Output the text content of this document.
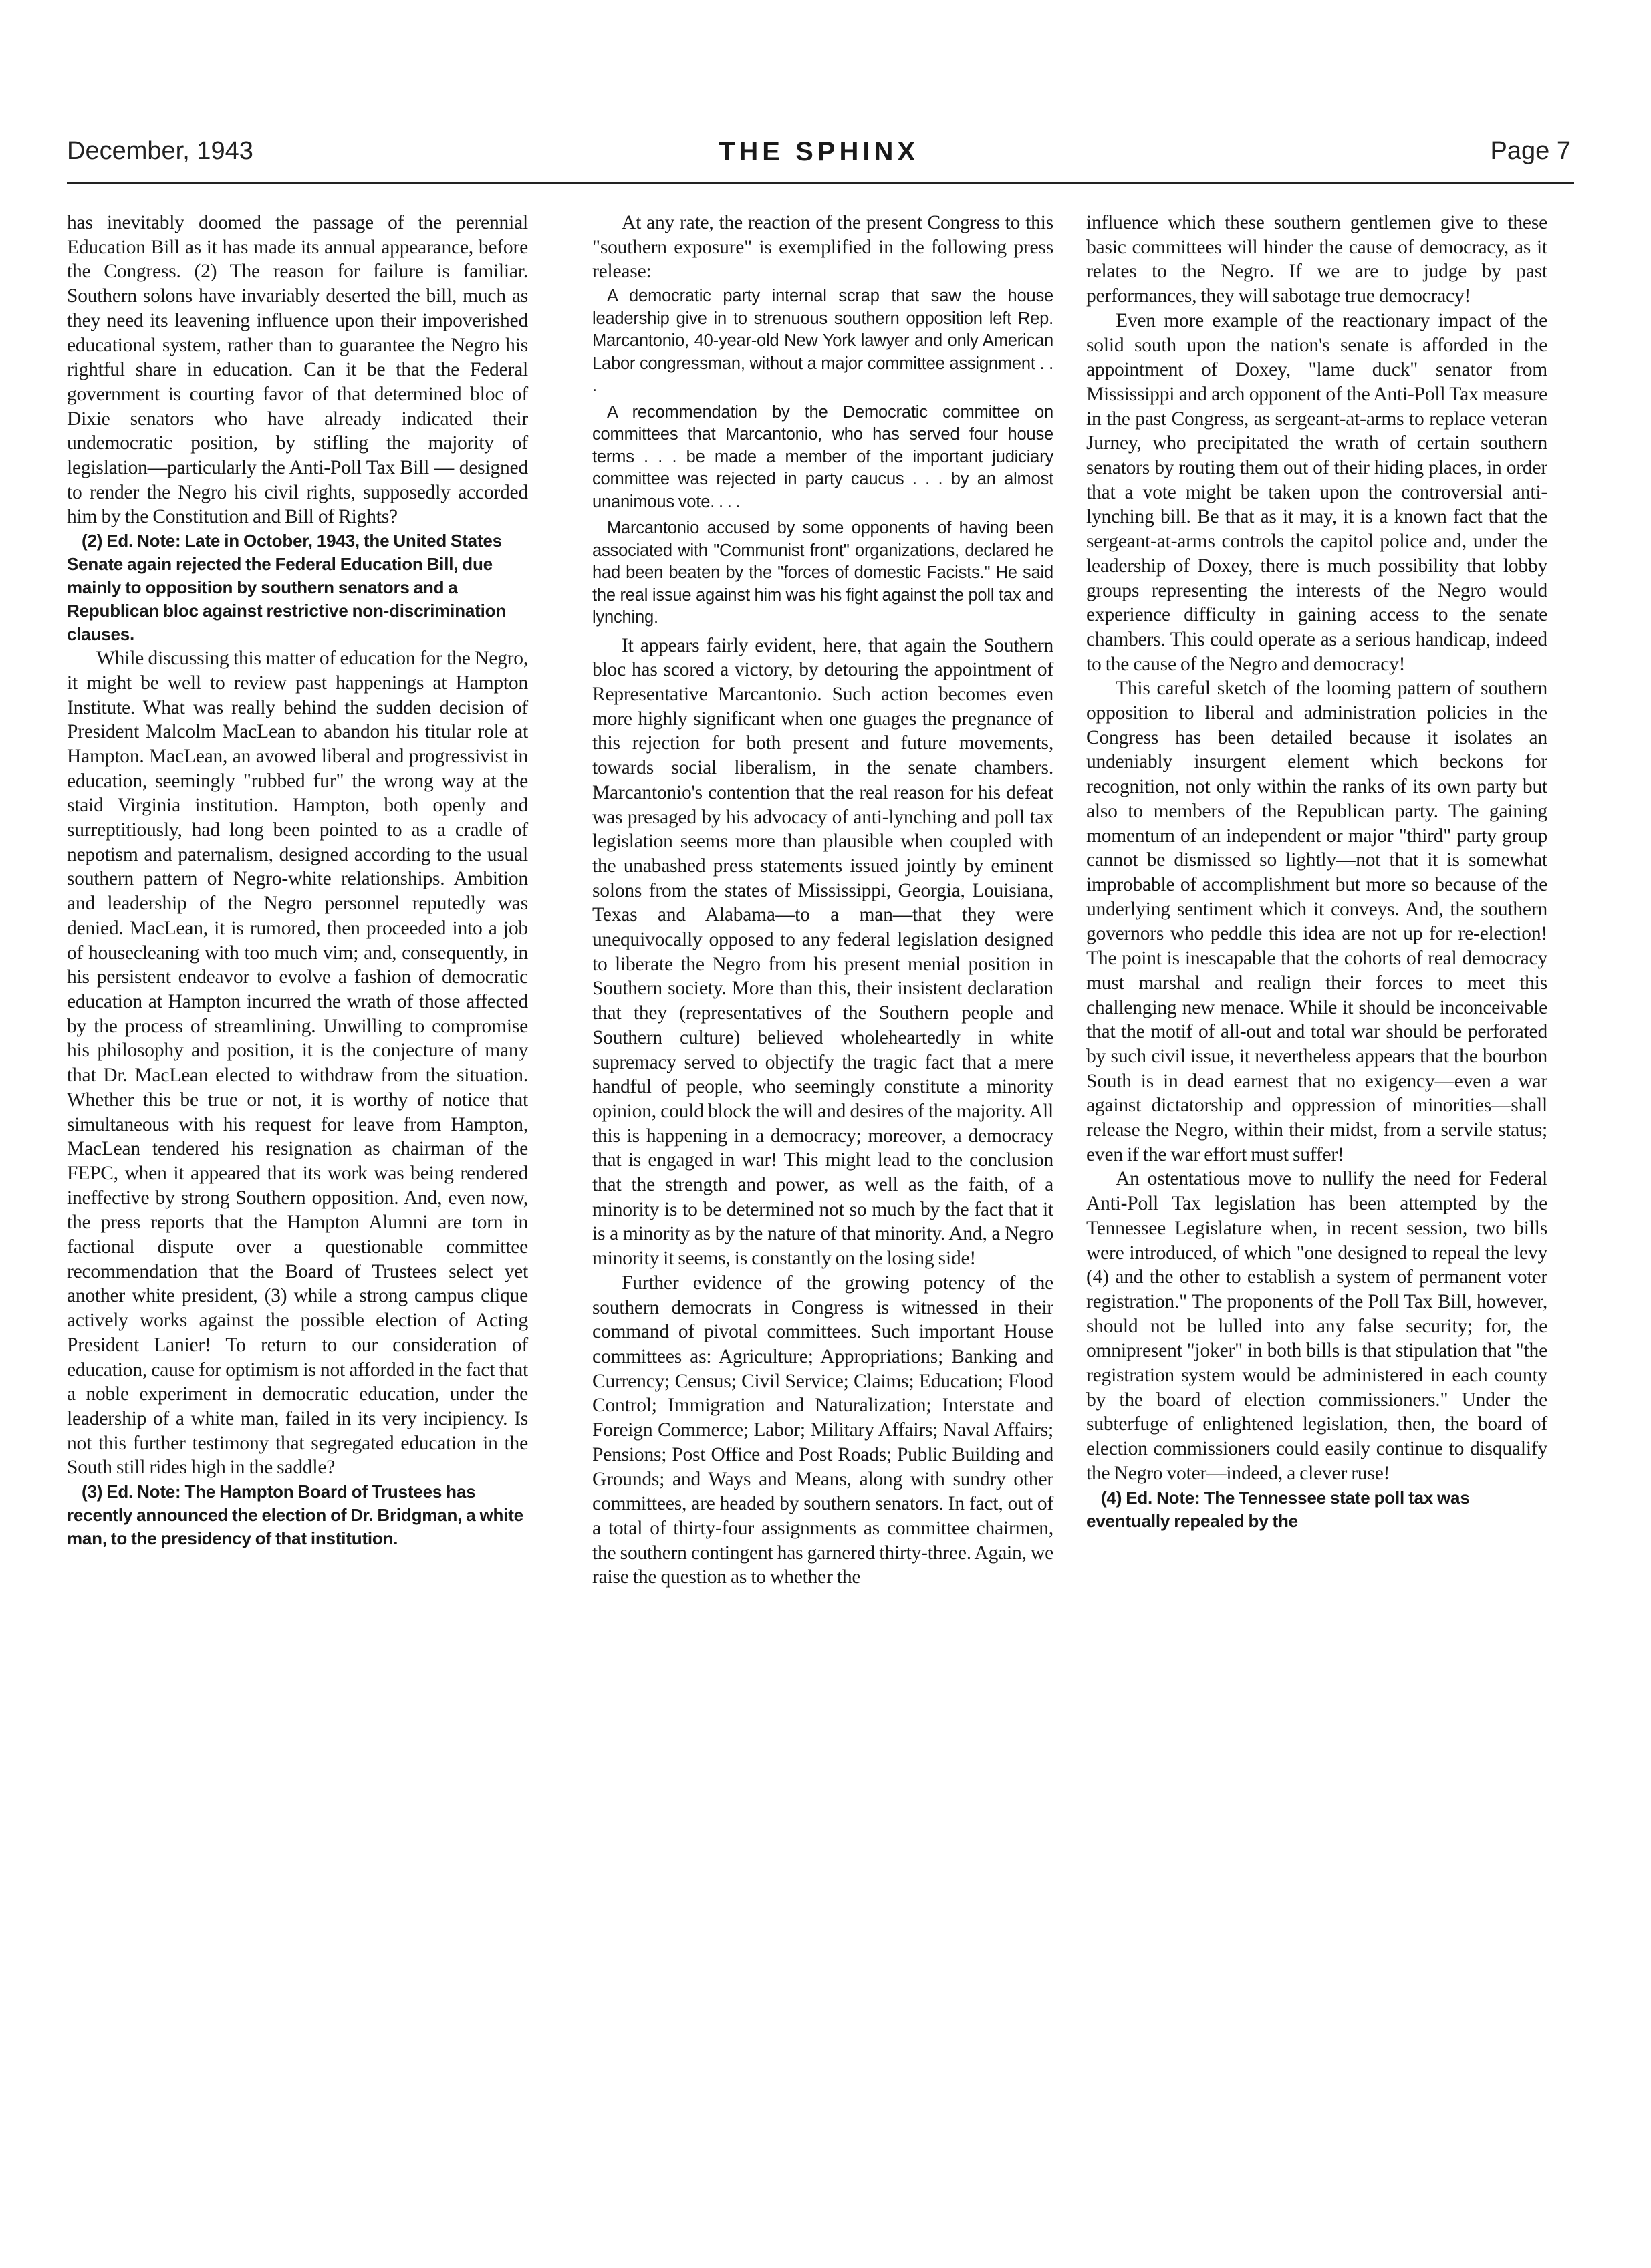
December, 1943	THE SPHINX	Page 7

has inevitably doomed the passage of the perennial Education Bill as it has made its annual appearance, before the Congress. (2) The reason for failure is familiar. Southern solons have invariably deserted the bill, much as they need its leavening influence upon their impoverished educational system, rather than to guarantee the Negro his rightful share in education. Can it be that the Federal government is courting favor of that determined bloc of Dixie senators who have already indicated their undemocratic position, by stifling the majority of legislation—particularly the Anti-Poll Tax Bill — designed to render the Negro his civil rights, supposedly accorded him by the Constitution and Bill of Rights?

(2) Ed. Note: Late in October, 1943, the United States Senate again rejected the Federal Education Bill, due mainly to opposition by southern senators and a Republican bloc against restrictive non-discrimination clauses.

While discussing this matter of education for the Negro, it might be well to review past happenings at Hampton Institute. What was really behind the sudden decision of President Malcolm MacLean to abandon his titular role at Hampton. MacLean, an avowed liberal and progressivist in education, seemingly "rubbed fur" the wrong way at the staid Virginia institution. Hampton, both openly and surreptitiously, had long been pointed to as a cradle of nepotism and paternalism, designed according to the usual southern pattern of Negro-white relationships. Ambition and leadership of the Negro personnel reputedly was denied. MacLean, it is rumored, then proceeded into a job of housecleaning with too much vim; and, consequently, in his persistent endeavor to evolve a fashion of democratic education at Hampton incurred the wrath of those affected by the process of streamlining. Unwilling to compromise his philosophy and position, it is the conjecture of many that Dr. MacLean elected to withdraw from the situation. Whether this be true or not, it is worthy of notice that simultaneous with his request for leave from Hampton, MacLean tendered his resignation as chairman of the FEPC, when it appeared that its work was being rendered ineffective by strong Southern opposition. And, even now, the press reports that the Hampton Alumni are torn in factional dispute over a questionable committee recommendation that the Board of Trustees select yet another white president, (3) while a strong campus clique actively works against the possible election of Acting President Lanier! To return to our consideration of education, cause for optimism is not afforded in the fact that a noble experiment in democratic education, under the leadership of a white man, failed in its very incipiency. Is not this further testimony that segregated education in the South still rides high in the saddle?

(3) Ed. Note: The Hampton Board of Trustees has recently announced the election of Dr. Bridgman, a white man, to the presidency of that institution.

At any rate, the reaction of the present Congress to this "southern exposure" is exemplified in the following press release:

A democratic party internal scrap that saw the house leadership give in to strenuous southern opposition left Rep. Marcantonio, 40-year-old New York lawyer and only American Labor congressman, without a major committee assignment . . .

A recommendation by the Democratic committee on committees that Marcantonio, who has served four house terms . . . be made a member of the important judiciary committee was rejected in party caucus . . . by an almost unanimous vote. . . .

Marcantonio accused by some opponents of having been associated with "Communist front" organizations, declared he had been beaten by the "forces of domestic Facists." He said the real issue against him was his fight against the poll tax and lynching.

It appears fairly evident, here, that again the Southern bloc has scored a victory, by detouring the appointment of Representative Marcantonio. Such action becomes even more highly significant when one guages the pregnance of this rejection for both present and future movements, towards social liberalism, in the senate chambers. Marcantonio's contention that the real reason for his defeat was presaged by his advocacy of anti-lynching and poll tax legislation seems more than plausible when coupled with the unabashed press statements issued jointly by eminent solons from the states of Mississippi, Georgia, Louisiana, Texas and Alabama—to a man—that they were unequivocally opposed to any federal legislation designed to liberate the Negro from his present menial position in Southern society. More than this, their insistent declaration that they (representatives of the Southern people and Southern culture) believed wholeheartedly in white supremacy served to objectify the tragic fact that a mere handful of people, who seemingly constitute a minority opinion, could block the will and desires of the majority. All this is happening in a democracy; moreover, a democracy that is engaged in war! This might lead to the conclusion that the strength and power, as well as the faith, of a minority is to be determined not so much by the fact that it is a minority as by the nature of that minority. And, a Negro minority it seems, is constantly on the losing side!

Further evidence of the growing potency of the southern democrats in Congress is witnessed in their command of pivotal committees. Such important House committees as: Agriculture; Appropriations; Banking and Currency; Census; Civil Service; Claims; Education; Flood Control; Immigration and Naturalization; Interstate and Foreign Commerce; Labor; Military Affairs; Naval Affairs; Pensions; Post Office and Post Roads; Public Building and Grounds; and Ways and Means, along with sundry other committees, are headed by southern senators. In fact, out of a total of thirty-four assignments as committee chairmen, the southern contingent has garnered thirty-three. Again, we raise the question as to whether the

influence which these southern gentlemen give to these basic committees will hinder the cause of democracy, as it relates to the Negro. If we are to judge by past performances, they will sabotage true democracy!

Even more example of the reactionary impact of the solid south upon the nation's senate is afforded in the appointment of Doxey, "lame duck" senator from Mississippi and arch opponent of the Anti-Poll Tax measure in the past Congress, as sergeant-at-arms to replace veteran Jurney, who precipitated the wrath of certain southern senators by routing them out of their hiding places, in order that a vote might be taken upon the controversial anti-lynching bill. Be that as it may, it is a known fact that the sergeant-at-arms controls the capitol police and, under the leadership of Doxey, there is much possibility that lobby groups representing the interests of the Negro would experience difficulty in gaining access to the senate chambers. This could operate as a serious handicap, indeed to the cause of the Negro and democracy!

This careful sketch of the looming pattern of southern opposition to liberal and administration policies in the Congress has been detailed because it isolates an undeniably insurgent element which beckons for recognition, not only within the ranks of its own party but also to members of the Republican party. The gaining momentum of an independent or major "third" party group cannot be dismissed so lightly—not that it is somewhat improbable of accomplishment but more so because of the underlying sentiment which it conveys. And, the southern governors who peddle this idea are not up for re-election! The point is inescapable that the cohorts of real democracy must marshal and realign their forces to meet this challenging new menace. While it should be inconceivable that the motif of all-out and total war should be perforated by such civil issue, it nevertheless appears that the bourbon South is in dead earnest that no exigency—even a war against dictatorship and oppression of minorities—shall release the Negro, within their midst, from a servile status; even if the war effort must suffer!

An ostentatious move to nullify the need for Federal Anti-Poll Tax legislation has been attempted by the Tennessee Legislature when, in recent session, two bills were introduced, of which "one designed to repeal the levy (4) and the other to establish a system of permanent voter registration." The proponents of the Poll Tax Bill, however, should not be lulled into any false security; for, the omnipresent "joker" in both bills is that stipulation that "the registration system would be administered in each county by the board of election commissioners." Under the subterfuge of enlightened legislation, then, the board of election commissioners could easily continue to disqualify the Negro voter—indeed, a clever ruse!

(4) Ed. Note: The Tennessee state poll tax was eventually repealed by the
